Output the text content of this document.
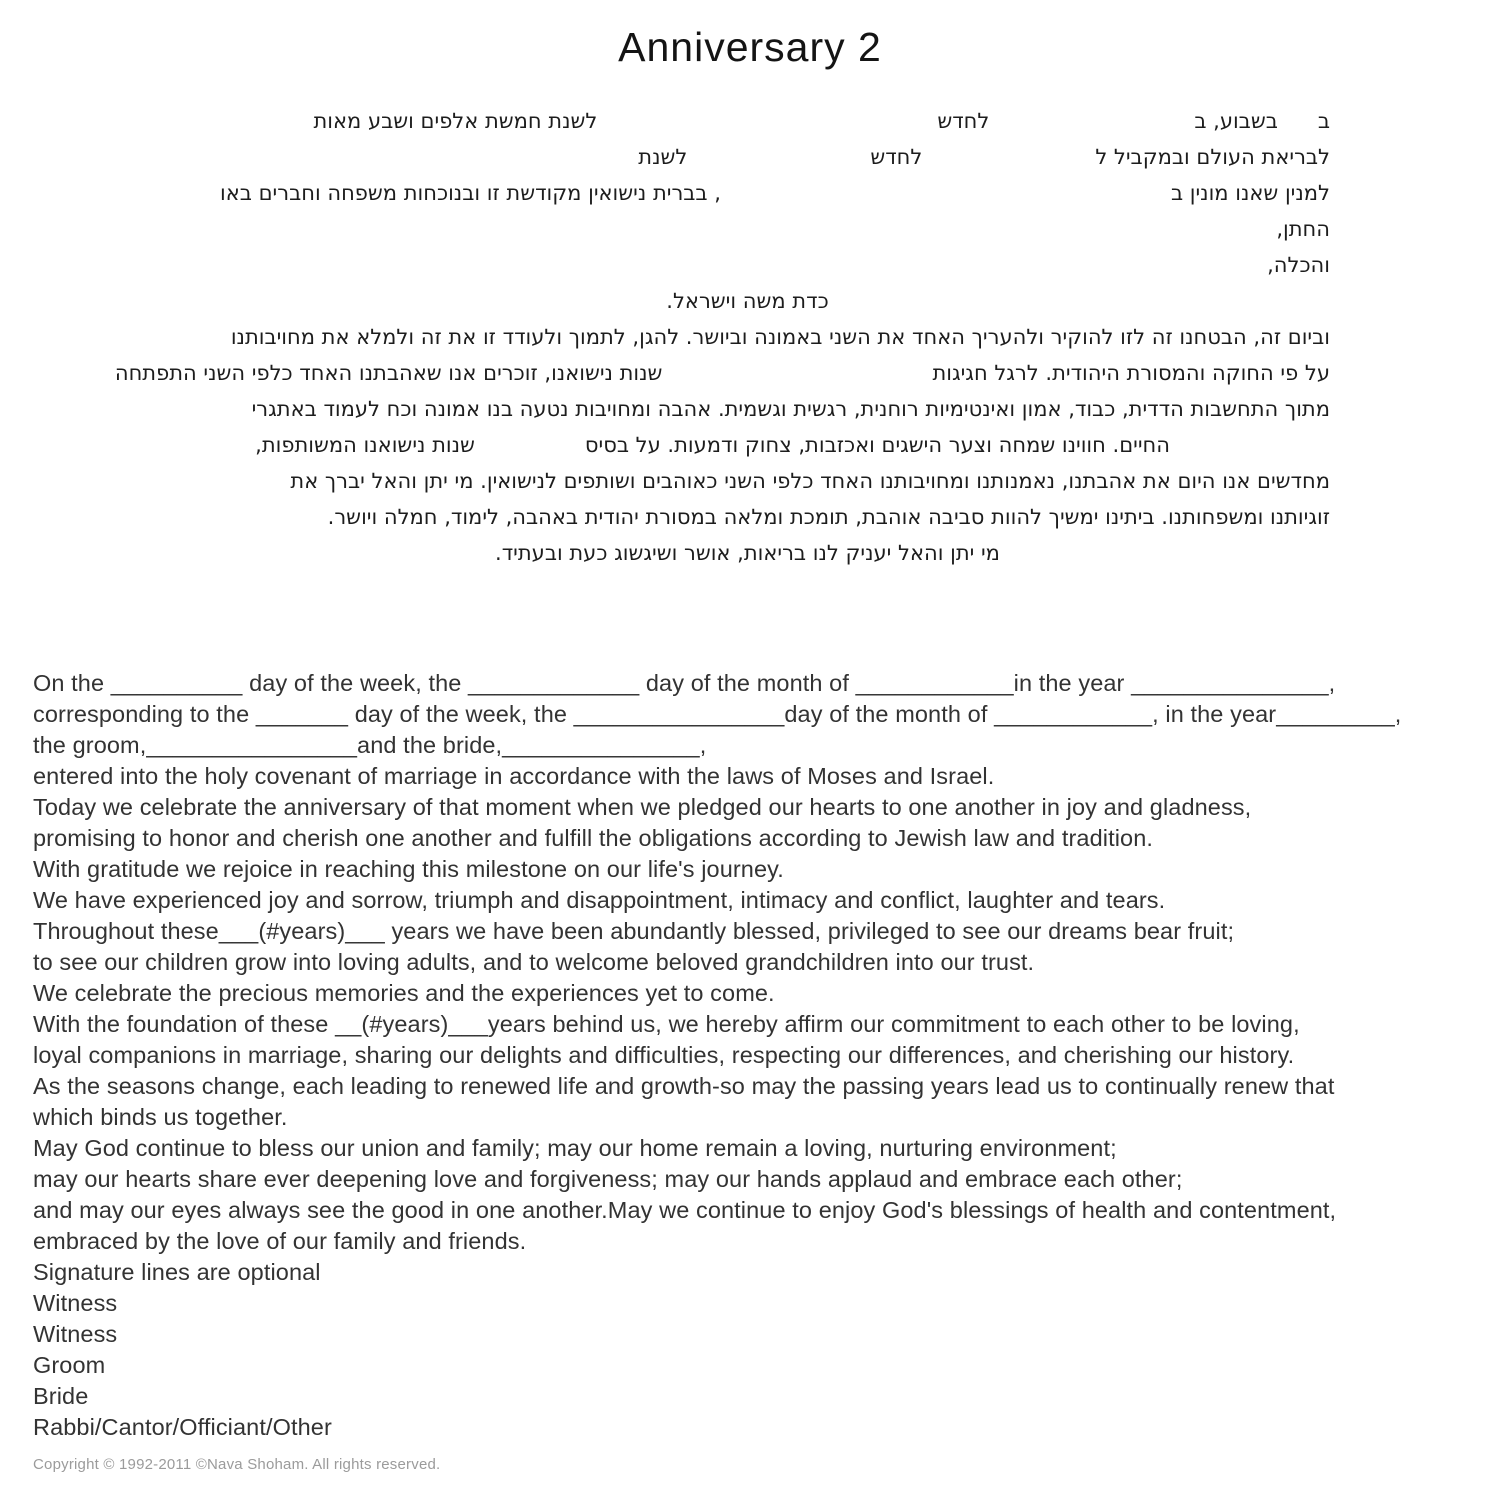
Anniversary 2
בבשבוע, בלחדשלשנת חמשת אלפים ושבע מאות
לבריאת העולם ובמקביל ללחדשלשנת
למנין שאנו מונין ב, בברית נישואין מקודשת זו ובנוכחות משפחה וחברים באו
החתן,
והכלה,
כדת משה וישראל.
וביום זה, הבטחנו זה לזו להוקיר ולהעריך האחד את השני באמונה וביושר. להגן, לתמוך ולעודד זו את זה ולמלא את מחויבותנו
על פי החוקה והמסורת היהודית. לרגל חגיגותשנות נישואנו, זוכרים אנו שאהבתנו האחד כלפי השני התפתחה
מתוך התחשבות הדדית, כבוד, אמון ואינטימיות רוחנית, רגשית וגשמית. אהבה ומחויבות נטעה בנו אמונה וכח לעמוד באתגרי
החיים. חווינו שמחה וצער הישגים ואכזבות, צחוק ודמעות. על בסיסשנות נישואנו המשותפות,
מחדשים אנו היום את אהבתנו, נאמנותנו ומחויבותנו האחד כלפי השני כאוהבים ושותפים לנישואין. מי יתן והאל יברך את
זוגיותנו ומשפחותנו. ביתינו ימשיך להוות סביבה אוהבת, תומכת ומלאה במסורת יהודית באהבה, לימוד, חמלה ויושר.
מי יתן והאל יעניק לנו בריאות, אושר ושיגשוג כעת ובעתיד.
On the __________ day of the week, the _____________ day of the month of ____________in the year _______________,
corresponding to the _______ day of the week, the ________________day of the month of ____________, in the year_________,
the groom,________________and the bride,_______________,
entered into the holy covenant of marriage in accordance with the laws of Moses and Israel.
Today we celebrate the anniversary of that moment when we pledged our hearts to one another in joy and gladness,
promising to honor and cherish one another and fulfill the obligations according to Jewish law and tradition.
With gratitude we rejoice in reaching this milestone on our life's journey.
We have experienced joy and sorrow, triumph and disappointment, intimacy and conflict, laughter and tears.
Throughout these___(#years)___ years we have been abundantly blessed, privileged to see our dreams bear fruit;
to see our children grow into loving adults, and to welcome beloved grandchildren into our trust.
We celebrate the precious memories and the experiences yet to come.
With the foundation of these __(#years)___years behind us, we hereby affirm our commitment to each other to be loving,
loyal companions in marriage, sharing our delights and difficulties, respecting our differences, and cherishing our history.
As the seasons change, each leading to renewed life and growth-so may the passing years lead us to continually renew that
which binds us together.
May God continue to bless our union and family; may our home remain a loving, nurturing environment;
may our hearts share ever deepening love and forgiveness; may our hands applaud and embrace each other;
and may our eyes always see the good in one another.May we continue to enjoy God's blessings of health and contentment,
embraced by the love of our family and friends.
Signature lines are optional
Witness
Witness
Groom
Bride
Rabbi/Cantor/Officiant/Other
Copyright © 1992-2011 ©Nava Shoham. All rights reserved.
